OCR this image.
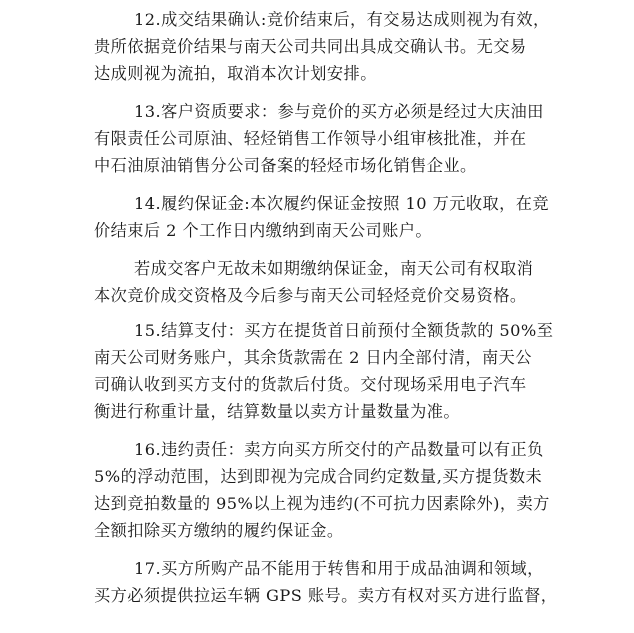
12.成交结果确认:竞价结束后，有交易达成则视为有效，
贵所依据竞价结果与南天公司共同出具成交确认书。无交易
达成则视为流拍，取消本次计划安排。
13.客户资质要求：参与竞价的买方必须是经过大庆油田
有限责任公司原油、轻烃销售工作领导小组审核批准，并在
中石油原油销售分公司备案的轻烃市场化销售企业。
14.履约保证金:本次履约保证金按照 10 万元收取，在竞
价结束后 2 个工作日内缴纳到南天公司账户。
若成交客户无故未如期缴纳保证金，南天公司有权取消
本次竞价成交资格及今后参与南天公司轻烃竞价交易资格。
15.结算支付：买方在提货首日前预付全额货款的 50%至
南天公司财务账户，其余货款需在 2 日内全部付清，南天公
司确认收到买方支付的货款后付货。交付现场采用电子汽车
衡进行称重计量，结算数量以卖方计量数量为准。
16.违约责任：卖方向买方所交付的产品数量可以有正负
5%的浮动范围，达到即视为完成合同约定数量,买方提货数未
达到竞拍数量的 95%以上视为违约(不可抗力因素除外)，卖方
全额扣除买方缴纳的履约保证金。
17.买方所购产品不能用于转售和用于成品油调和领域，
买方必须提供拉运车辆 GPS 账号。卖方有权对买方进行监督，
